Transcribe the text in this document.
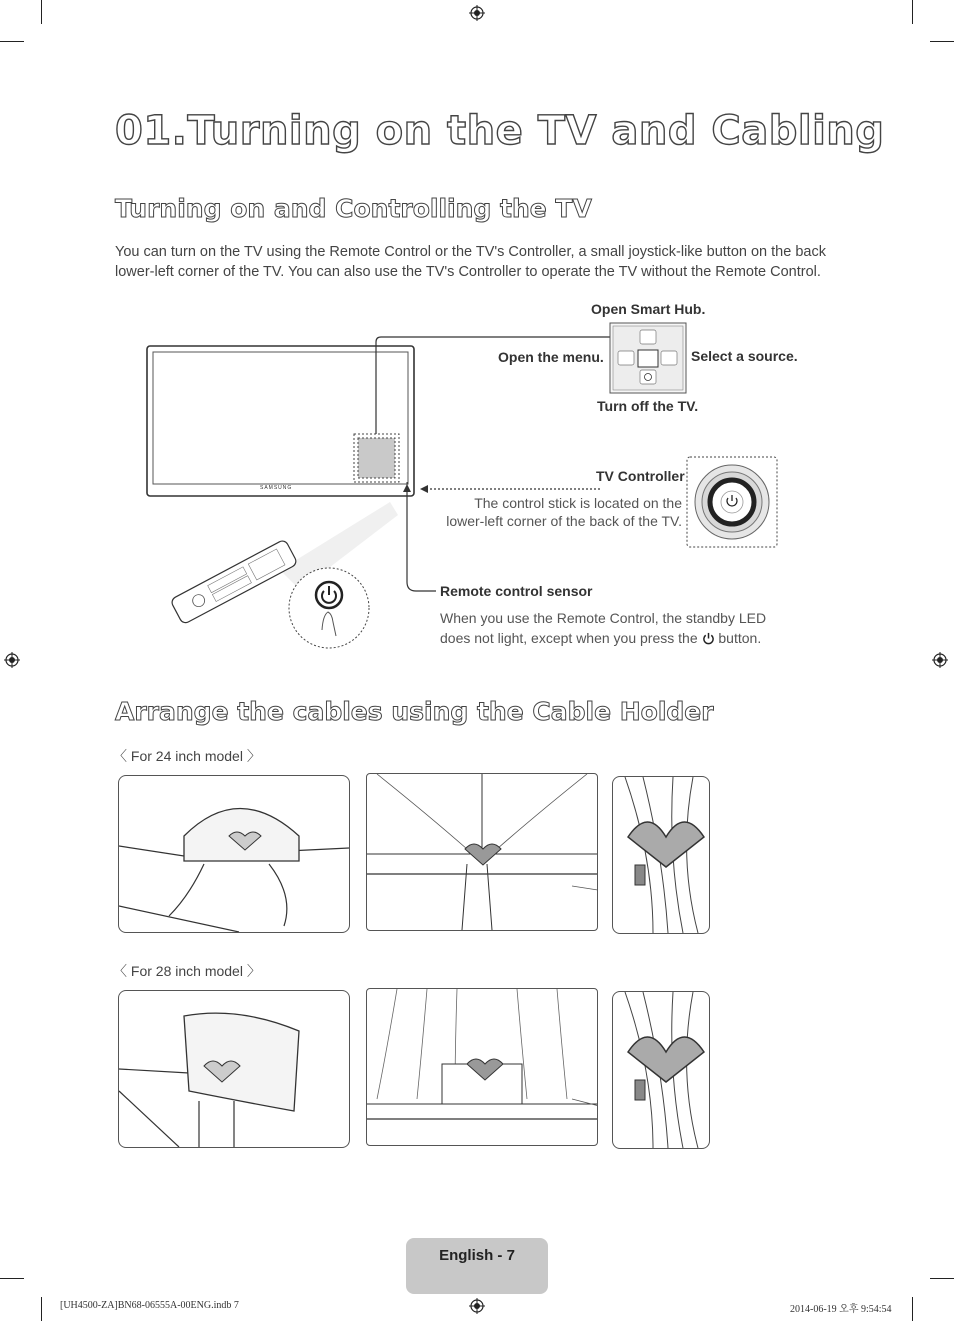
01.Turning on the TV and Cabling
Turning on and Controlling the TV

You can turn on the TV using the Remote Control or the TV's Controller, a small joystick-like button on the back lower-left corner of the TV. You can also use the TV's Controller to operate the TV without the Remote Control.

SAMSUNG
Open Smart Hub.
Open the menu.	Select a source.
Turn off the TV.
TV Controller
The control stick is located on the
lower-left corner of the back of the TV.
Remote control sensor
When you use the Remote Control, the standby LED
does not light, except when you press the button.
Arrange the cables using the Cable Holder
〈 For 24 inch model 〉
〈 For 28 inch model 〉
English - 7
[UH4500-ZA]BN68-06555A-00ENG.indb 7	2014-06-19 오후 9:54:54
